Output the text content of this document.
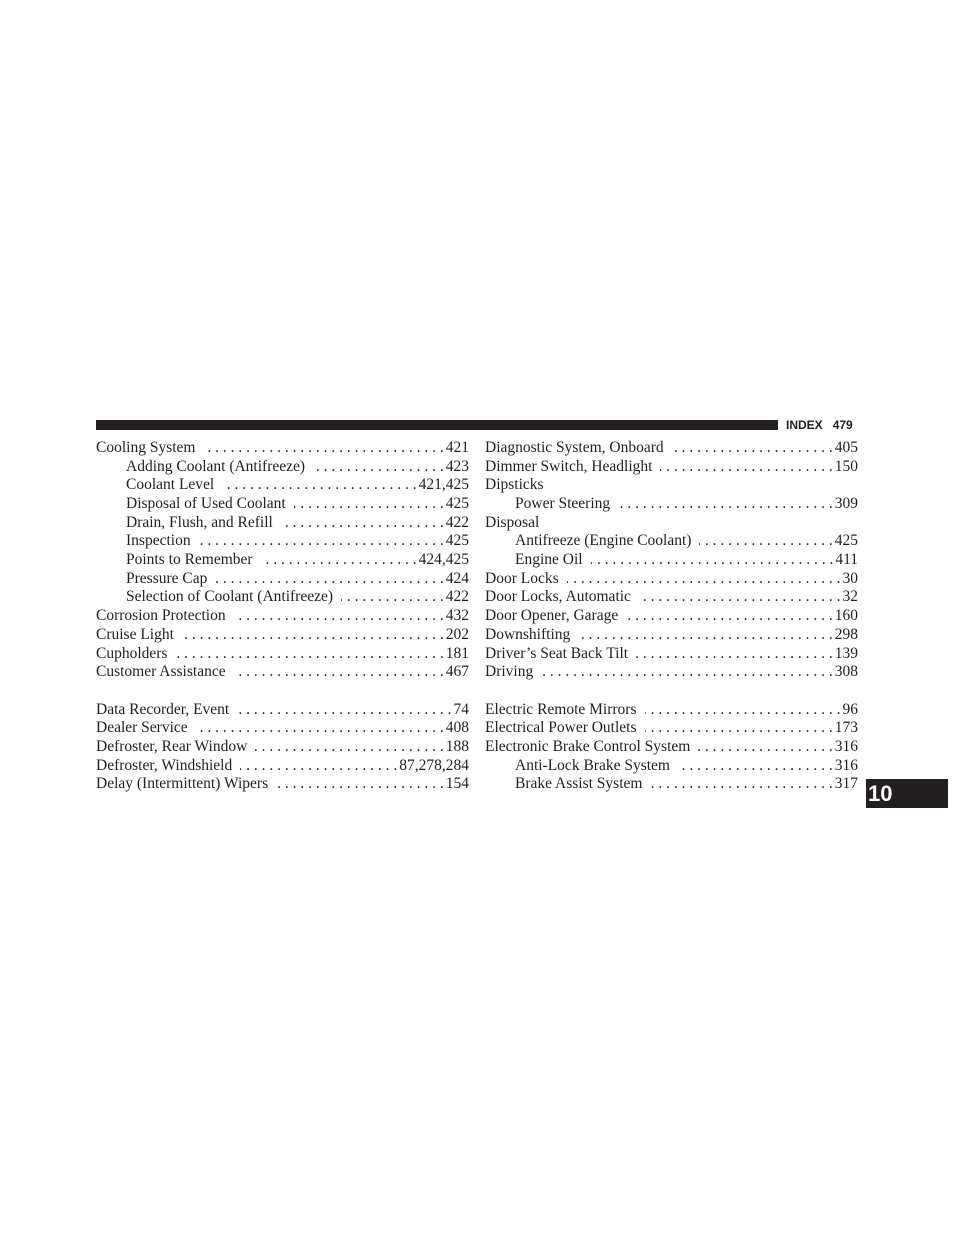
INDEX 479
Cooling System . . .	421
Adding Coolant (Antifreeze) . . .	423
Coolant Level . . .	421,425
Disposal of Used Coolant . . .	425
Drain, Flush, and Refill . . .	422
Inspection . . .	425
Points to Remember . . .	424,425
Pressure Cap . . .	424
Selection of Coolant (Antifreeze) . . .	422
Corrosion Protection . . .	432
Cruise Light . . .	202
Cupholders . . .	181
Customer Assistance . . .	467
Data Recorder, Event . . .	74
Dealer Service . . .	408
Defroster, Rear Window . . .	188
Defroster, Windshield . . .	87,278,284
Delay (Intermittent) Wipers . . .	154
Diagnostic System, Onboard . . .	405
Dimmer Switch, Headlight . . .	150
Dipsticks
Power Steering . . .	309
Disposal
Antifreeze (Engine Coolant) . . .	425
Engine Oil . . .	411
Door Locks . . .	30
Door Locks, Automatic . . .	32
Door Opener, Garage . . .	160
Downshifting . . .	298
Driver’s Seat Back Tilt . . .	139
Driving . . .	308
Electric Remote Mirrors . . .	96
Electrical Power Outlets . . .	173
Electronic Brake Control System . . .	316
Anti-Lock Brake System . . .	316
Brake Assist System . . .	317 10
